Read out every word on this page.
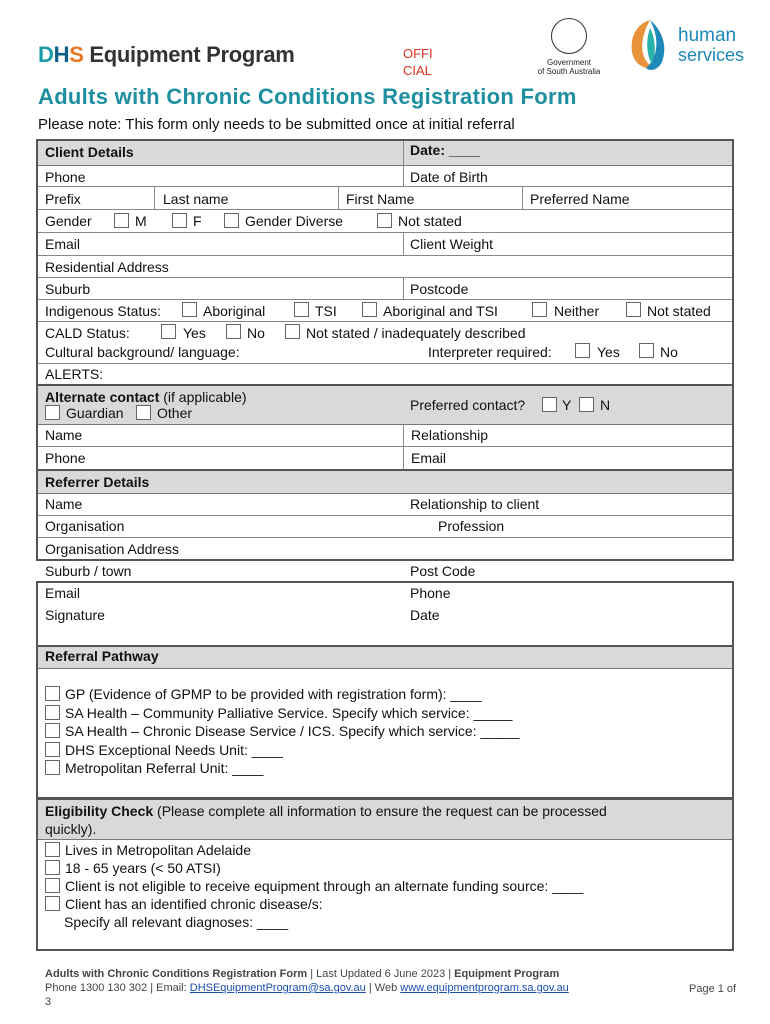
DHS Equipment Program	OFFI
CIAL
Government
of South Australia
human
services
Adults with Chronic Conditions Registration Form
Please note: This form only needs to be submitted once at initial referral
Client Details	Date: ____
Phone	Date of Birth
Prefix	Last name	First Name	Preferred Name
Gender	M	F	Gender Diverse	Not stated
Email	Client Weight
Residential Address
Suburb	Postcode
Indigenous Status:	Aboriginal	TSI	Aboriginal and TSI	Neither	Not stated
CALD Status:	Yes	No	Not stated / inadequately described
Cultural background/ language:	Interpreter required:	Yes	No
ALERTS:
Alternate contact (if applicable)
Guardian Other	Preferred contact?	Y N
Name	Relationship
Phone	Email
Referrer Details
Name	Relationship to client
Organisation	Profession
Organisation Address
Suburb / town	Post Code
Email	Phone
Signature	Date
Referral Pathway
GP (Evidence of GPMP to be provided with registration form): ____
SA Health – Community Palliative Service. Specify which service: _____
SA Health – Chronic Disease Service / ICS. Specify which service: _____
DHS Exceptional Needs Unit: ____
Metropolitan Referral Unit: ____
Eligibility Check (Please complete all information to ensure the request can be processed
quickly).
Lives in Metropolitan Adelaide
18 - 65 years (< 50 ATSI)
Client is not eligible to receive equipment through an alternate funding source: ____
Client has an identified chronic disease/s:
Specify all relevant diagnoses: ____
Adults with Chronic Conditions Registration Form | Last Updated 6 June 2023 | Equipment Program
Phone 1300 130 302 | Email: DHSEquipmentProgram@sa.gov.au | Web www.equipmentprogram.sa.gov.au
3
Page 1 of
